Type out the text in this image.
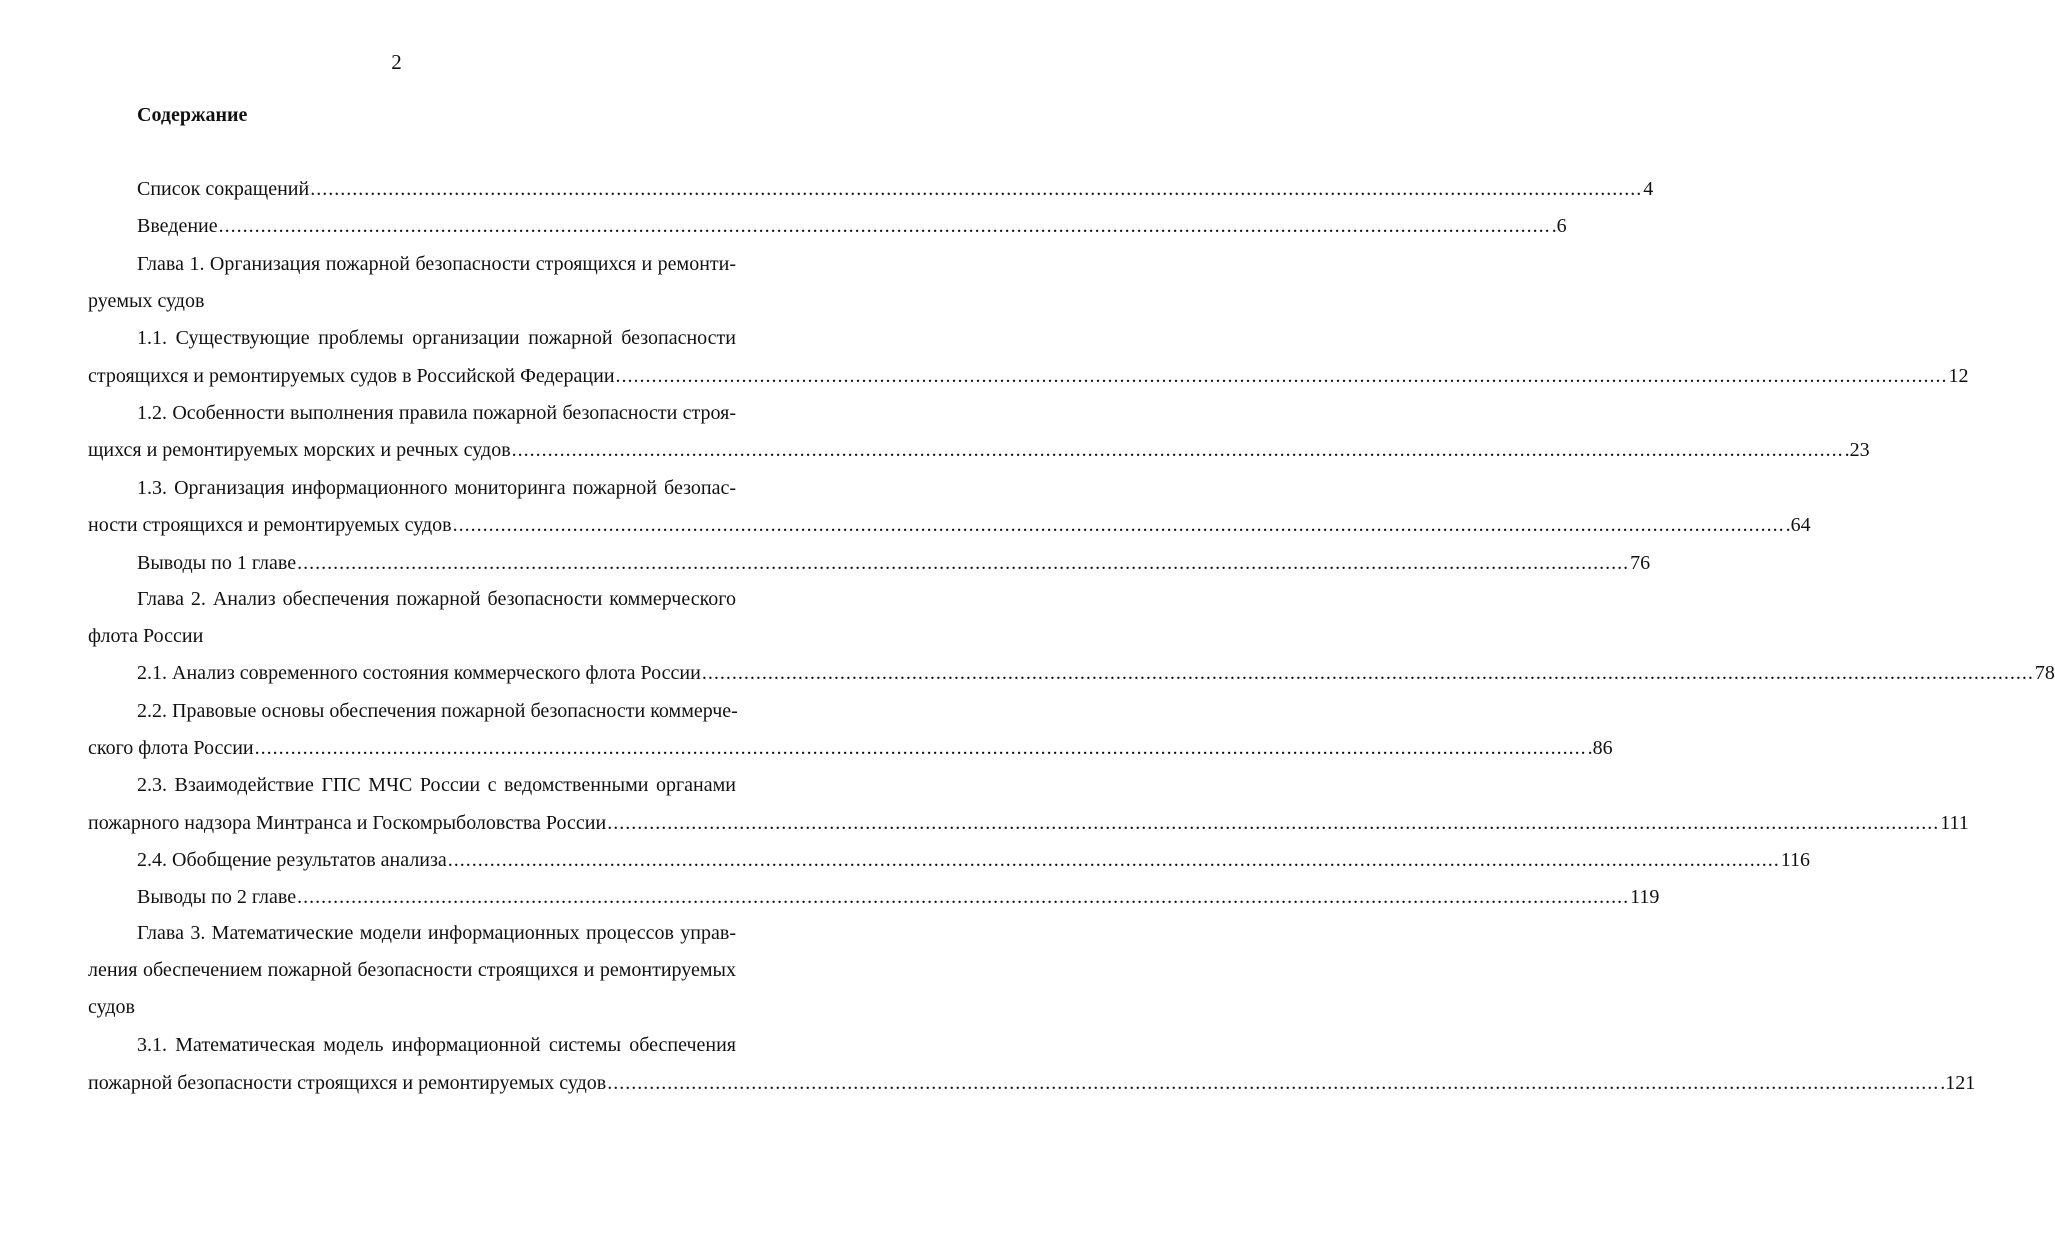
2
Содержание
Список сокращений .............................................................................................................................................................................................................................. 4
Введение .............................................................................................................................................................................................................................. .6
Глава 1. Организация пожарной безопасности строящихся и ремонти-
руемых судов
1.1. Существующие проблемы организации пожарной безопасности
строящихся и ремонтируемых судов в Российской Федерации .............................................................................................................................................................................................................................. 12
1.2. Особенности выполнения правила пожарной безопасности строя-
щихся и ремонтируемых морских и речных судов .............................................................................................................................................................................................................................. .23
1.3. Организация информационного мониторинга пожарной безопас-
ности строящихся и ремонтируемых судов .............................................................................................................................................................................................................................. .64
Выводы по 1 главе .............................................................................................................................................................................................................................. 76
Глава 2. Анализ обеспечения пожарной безопасности коммерческого
флота России
2.1. Анализ современного состояния коммерческого флота России .............................................................................................................................................................................................................................. 78
2.2. Правовые основы обеспечения пожарной безопасности коммерче-
ского флота России .............................................................................................................................................................................................................................. .86
2.3. Взаимодействие ГПС МЧС России с ведомственными органами
пожарного надзора Минтранса и Госкомрыболовства России .............................................................................................................................................................................................................................. 111
2.4. Обобщение результатов анализа .............................................................................................................................................................................................................................. 116
Выводы по 2 главе .............................................................................................................................................................................................................................. 119
Глава 3. Математические модели информационных процессов управ-
ления обеспечением пожарной безопасности строящихся и ремонтируемых
судов
3.1. Математическая модель информационной системы обеспечения
пожарной безопасности строящихся и ремонтируемых судов .............................................................................................................................................................................................................................. .121
